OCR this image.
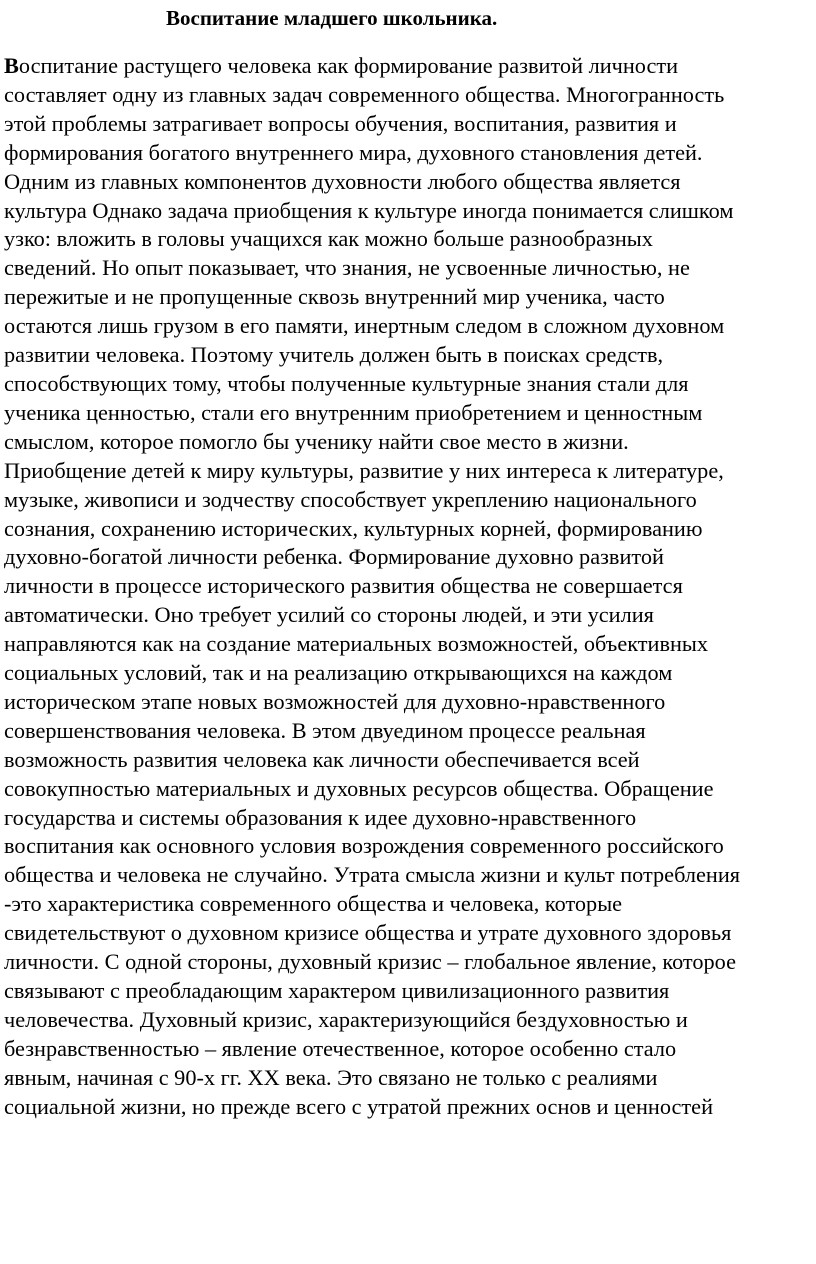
Воспитание младшего школьника.
Воспитание растущего человека как формирование развитой личности
составляет одну из главных задач современного общества. Многогранность
этой проблемы затрагивает вопросы обучения, воспитания, развития и
формирования богатого внутреннего мира, духовного становления детей.
Одним из главных компонентов духовности любого общества является
культура Однако задача приобщения к культуре иногда понимается слишком
узко: вложить в головы учащихся как можно больше разнообразных
сведений. Но опыт показывает, что знания, не усвоенные личностью, не
пережитые и не пропущенные сквозь внутренний мир ученика, часто
остаются лишь грузом в его памяти, инертным следом в сложном духовном
развитии человека. Поэтому учитель должен быть в поисках средств,
способствующих тому, чтобы полученные культурные знания стали для
ученика ценностью, стали его внутренним приобретением и ценностным
смыслом, которое помогло бы ученику найти свое место в жизни.
Приобщение детей к миру культуры, развитие у них интереса к литературе,
музыке, живописи и зодчеству способствует укреплению национального
сознания, сохранению исторических, культурных корней, формированию
духовно-богатой личности ребенка. Формирование духовно развитой
личности в процессе исторического развития общества не совершается
автоматически. Оно требует усилий со стороны людей, и эти усилия
направляются как на создание материальных возможностей, объективных
социальных условий, так и на реализацию открывающихся на каждом
историческом этапе новых возможностей для духовно-нравственного
совершенствования человека. В этом двуедином процессе реальная
возможность развития человека как личности обеспечивается всей
совокупностью материальных и духовных ресурсов общества. Обращение
государства и системы образования к идее духовно-нравственного
воспитания как основного условия возрождения современного российского
общества и человека не случайно. Утрата смысла жизни и культ потребления
-это характеристика современного общества и человека, которые
свидетельствуют о духовном кризисе общества и утрате духовного здоровья
личности. С одной стороны, духовный кризис – глобальное явление, которое
связывают с преобладающим характером цивилизационного развития
человечества. Духовный кризис, характеризующийся бездуховностью и
безнравственностью – явление отечественное, которое особенно стало
явным, начиная с 90-х гг. XX века. Это связано не только с реалиями
социальной жизни, но прежде всего с утратой прежних основ и ценностей
